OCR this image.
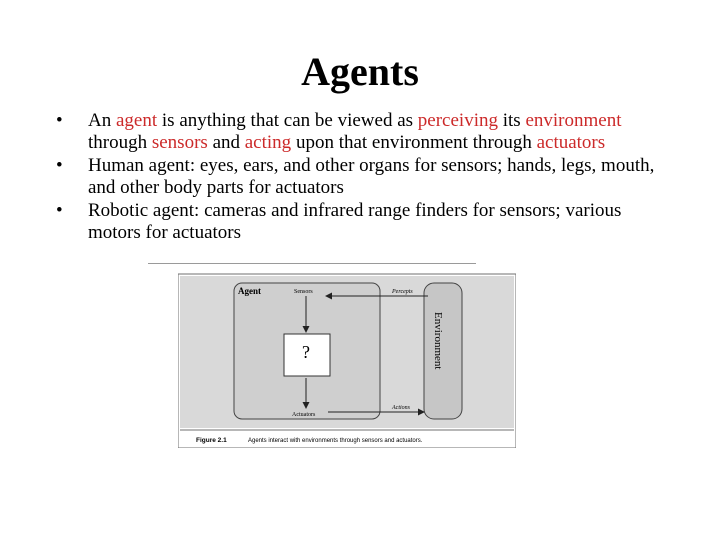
Agents
• An agent is anything that can be viewed as perceiving its environment through sensors and acting upon that environment through actuators
• Human agent: eyes, ears, and other organs for sensors; hands, legs, mouth, and other body parts for actuators
• Robotic agent: cameras and infrared range finders for sensors; various motors for actuators
Agent	Sensors	Percepts
?
Actuators
Actions
Environment
Figure 2.1	Agents interact with environments through sensors and actuators.
